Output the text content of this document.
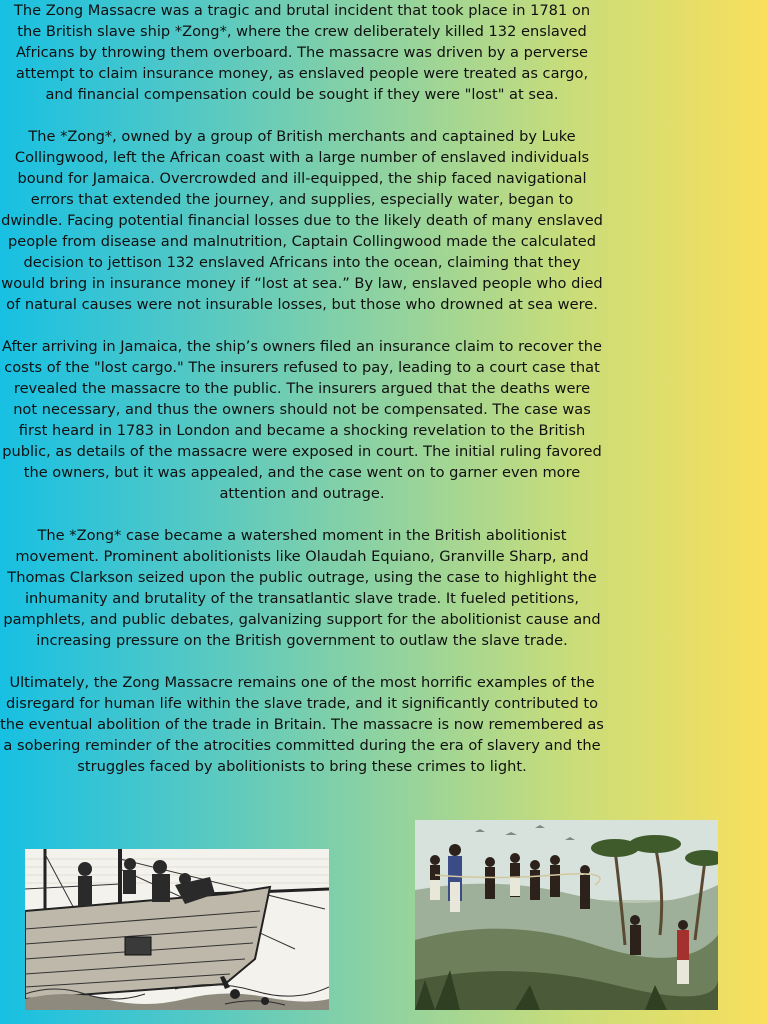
The Zong Massacre was a tragic and brutal incident that took place in 1781 on the British slave ship *Zong*, where the crew deliberately killed 132 enslaved Africans by throwing them overboard. The massacre was driven by a perverse attempt to claim insurance money, as enslaved people were treated as cargo, and financial compensation could be sought if they were "lost" at sea.

The *Zong*, owned by a group of British merchants and captained by Luke Collingwood, left the African coast with a large number of enslaved individuals bound for Jamaica. Overcrowded and ill-equipped, the ship faced navigational errors that extended the journey, and supplies, especially water, began to dwindle. Facing potential financial losses due to the likely death of many enslaved people from disease and malnutrition, Captain Collingwood made the calculated decision to jettison 132 enslaved Africans into the ocean, claiming that they would bring in insurance money if “lost at sea.” By law, enslaved people who died of natural causes were not insurable losses, but those who drowned at sea were.

After arriving in Jamaica, the ship’s owners filed an insurance claim to recover the costs of the "lost cargo." The insurers refused to pay, leading to a court case that revealed the massacre to the public. The insurers argued that the deaths were not necessary, and thus the owners should not be compensated. The case was first heard in 1783 in London and became a shocking revelation to the British public, as details of the massacre were exposed in court. The initial ruling favored the owners, but it was appealed, and the case went on to garner even more attention and outrage.

The *Zong* case became a watershed moment in the British abolitionist movement. Prominent abolitionists like Olaudah Equiano, Granville Sharp, and Thomas Clarkson seized upon the public outrage, using the case to highlight the inhumanity and brutality of the transatlantic slave trade. It fueled petitions, pamphlets, and public debates, galvanizing support for the abolitionist cause and increasing pressure on the British government to outlaw the slave trade.

Ultimately, the Zong Massacre remains one of the most horrific examples of the disregard for human life within the slave trade, and it significantly contributed to the eventual abolition of the trade in Britain. The massacre is now remembered as a sobering reminder of the atrocities committed during the era of slavery and the struggles faced by abolitionists to bring these crimes to light.
